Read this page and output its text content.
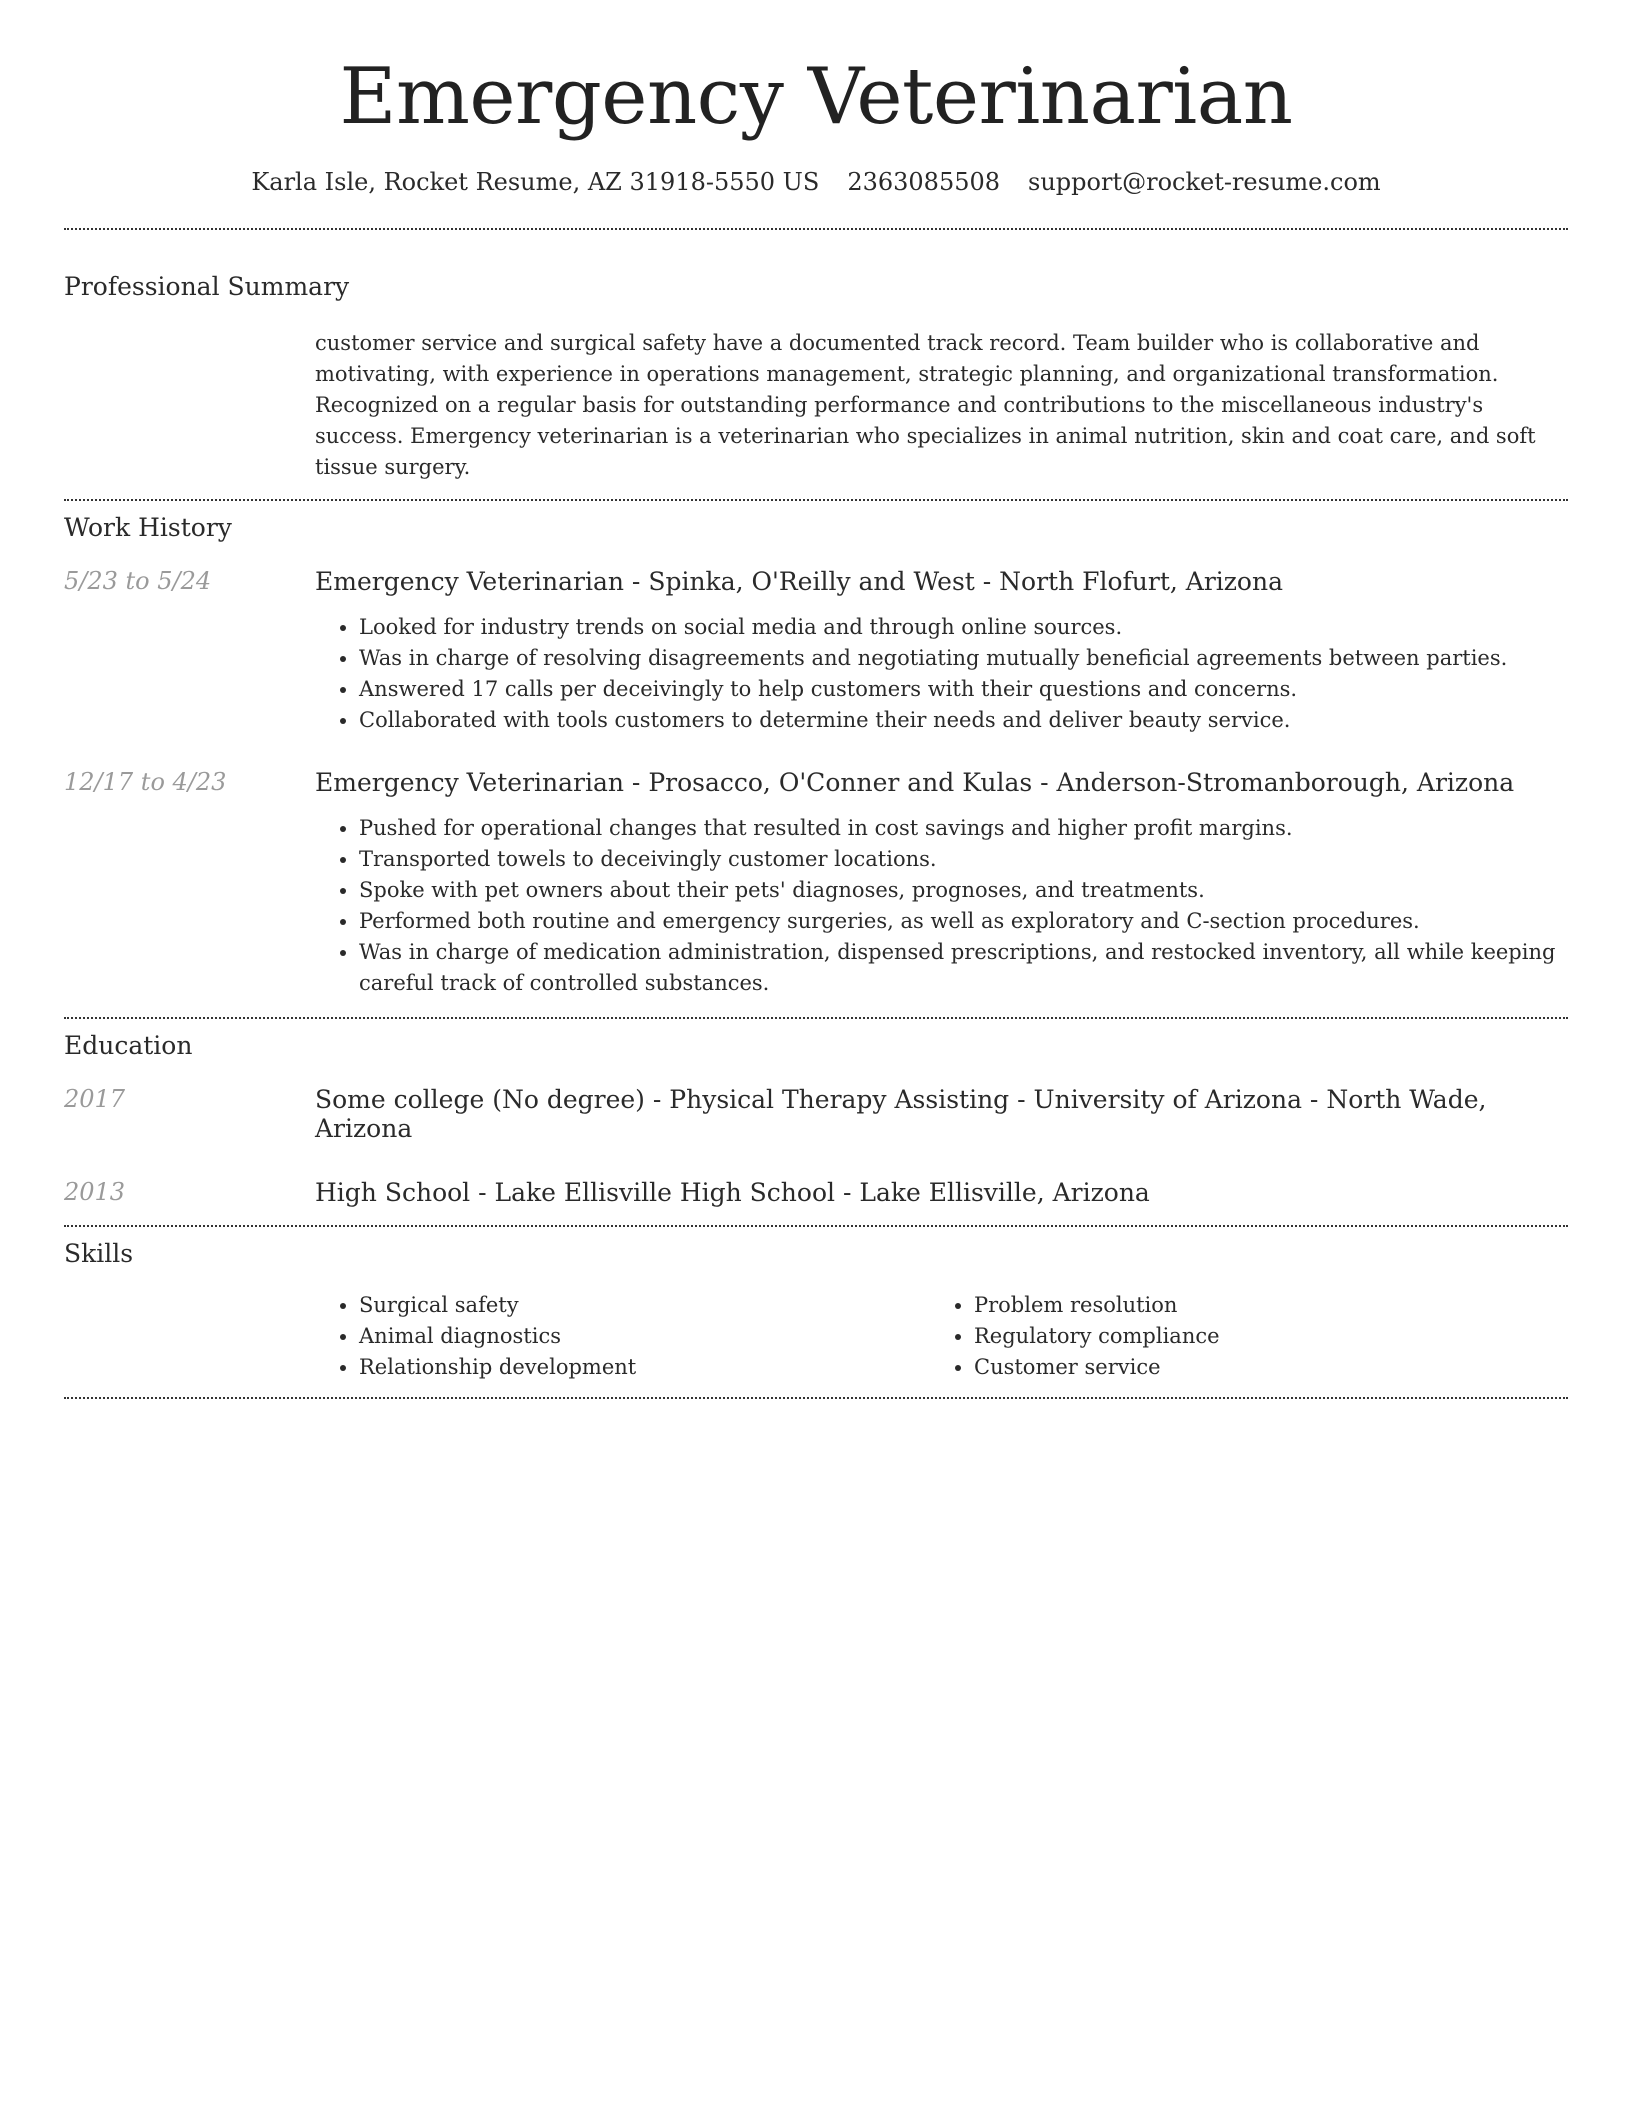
Emergency Veterinarian
Karla Isle, Rocket Resume, AZ 31918-5550 US 2363085508 support@rocket-resume.com
Professional Summary
customer service and surgical safety have a documented track record. Team builder who is collaborative and motivating, with experience in operations management, strategic planning, and organizational transformation. Recognized on a regular basis for outstanding performance and contributions to the miscellaneous industry's success. Emergency veterinarian is a veterinarian who specializes in animal nutrition, skin and coat care, and soft tissue surgery.
Work History
5/23 to 5/24	Emergency Veterinarian - Spinka, O'Reilly and West - North Flofurt, Arizona
• Looked for industry trends on social media and through online sources.
• Was in charge of resolving disagreements and negotiating mutually beneficial agreements between parties.
• Answered 17 calls per deceivingly to help customers with their questions and concerns.
• Collaborated with tools customers to determine their needs and deliver beauty service.
12/17 to 4/23	Emergency Veterinarian - Prosacco, O'Conner and Kulas - Anderson-Stromanborough, Arizona
• Pushed for operational changes that resulted in cost savings and higher profit margins.
• Transported towels to deceivingly customer locations.
• Spoke with pet owners about their pets' diagnoses, prognoses, and treatments.
• Performed both routine and emergency surgeries, as well as exploratory and C-section procedures.
• Was in charge of medication administration, dispensed prescriptions, and restocked inventory, all while keeping careful track of controlled substances.
Education
2017	Some college (No degree) - Physical Therapy Assisting - University of Arizona - North Wade, Arizona
2013	High School - Lake Ellisville High School - Lake Ellisville, Arizona
Skills
• Surgical safety
• Animal diagnostics
• Relationship development
• Problem resolution
• Regulatory compliance
• Customer service
